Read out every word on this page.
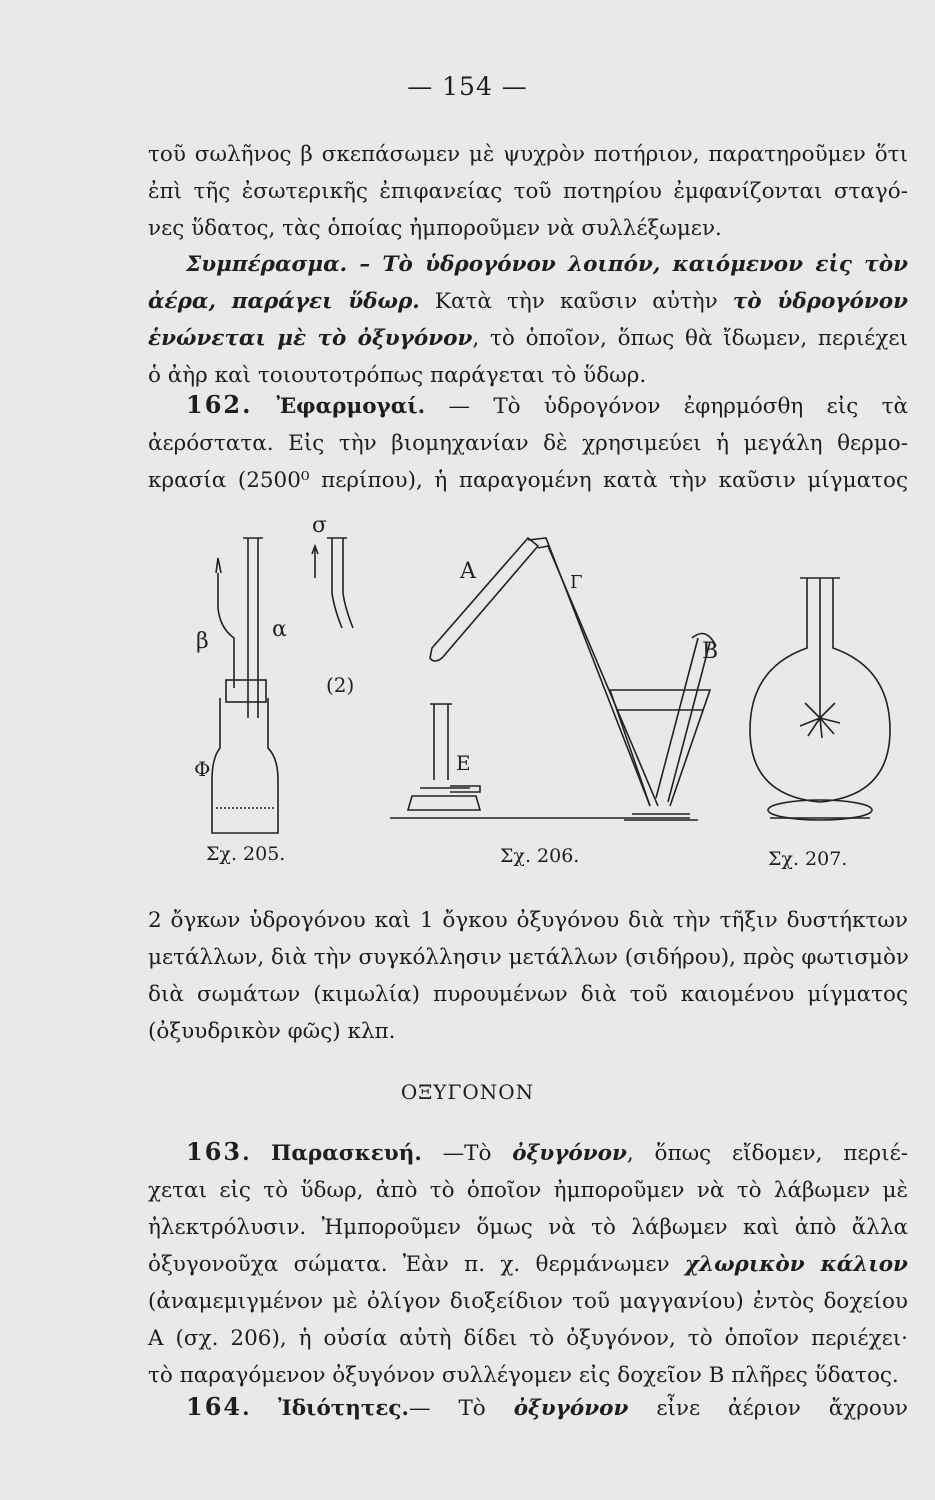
— 154 —
τοῦ σωλῆνος β σκεπάσωμεν μὲ ψυχρὸν ποτήριον, παρατηροῦμεν ὅτι
ἐπὶ τῆς ἐσωτερικῆς ἐπιφανείας τοῦ ποτηρίου ἐμφανίζονται σταγό-
νες ὕδατος, τὰς ὁποίας ἠμποροῦμεν νὰ συλλέξωμεν.
Συμπέρασμα. – Τὸ ὑδρογόνον λοιπόν, καιόμενον εἰς τὸν
ἀέρα, παράγει ὕδωρ. Κατὰ τὴν καῦσιν αὐτὴν τὸ ὑδρογόνον
ἑνώνεται μὲ τὸ ὀξυγόνον, τὸ ὁποῖον, ὅπως θὰ ἴδωμεν, περιέχει
ὁ ἀὴρ καὶ τοιουτοτρόπως παράγεται τὸ ὕδωρ.
162. Ἐφαρμογαί. — Τὸ ὑδρογόνον ἐφηρμόσθη εἰς τὰ
ἀερόστατα. Εἰς τὴν βιομηχανίαν δὲ χρησιμεύει ἡ μεγάλη θερμο-
κρασία (2500⁰ περίπου), ἡ παραγομένη κατὰ τὴν καῦσιν μίγματος
σ
β	α
(2)
Φ
Α	Γ
Β
Ε
Σχ. 205.	Σχ. 206.	Σχ. 207.
2 ὄγκων ὑδρογόνου καὶ 1 ὄγκου ὀξυγόνου διὰ τὴν τῆξιν δυστήκτων
μετάλλων, διὰ τὴν συγκόλλησιν μετάλλων (σιδήρου), πρὸς φωτισμὸν
διὰ σωμάτων (κιμωλία) πυρουμένων διὰ τοῦ καιομένου μίγματος
(ὀξυυδρικὸν φῶς) κλπ.
ΟΞΥΓΟΝΟΝ
163. Παρασκευή. —Τὸ ὀξυγόνον, ὅπως εἴδομεν, περιέ-
χεται εἰς τὸ ὕδωρ, ἀπὸ τὸ ὁποῖον ἠμποροῦμεν νὰ τὸ λάβωμεν μὲ
ἠλεκτρόλυσιν. Ἠμποροῦμεν ὅμως νὰ τὸ λάβωμεν καὶ ἀπὸ ἄλλα
ὀξυγονοῦχα σώματα. Ἐὰν π. χ. θερμάνωμεν χλωρικὸν κάλιον
(ἀναμεμιγμένον μὲ ὀλίγον διοξείδιον τοῦ μαγγανίου) ἐντὸς δοχείου
Α (σχ. 206), ἡ οὐσία αὐτὴ δίδει τὸ ὀξυγόνον, τὸ ὁποῖον περιέχει·
τὸ παραγόμενον ὀξυγόνον συλλέγομεν εἰς δοχεῖον Β πλῆρες ὕδατος.
164. Ἰδιότητες.— Τὸ ὀξυγόνον εἶνε ἀέριον ἄχρουν
